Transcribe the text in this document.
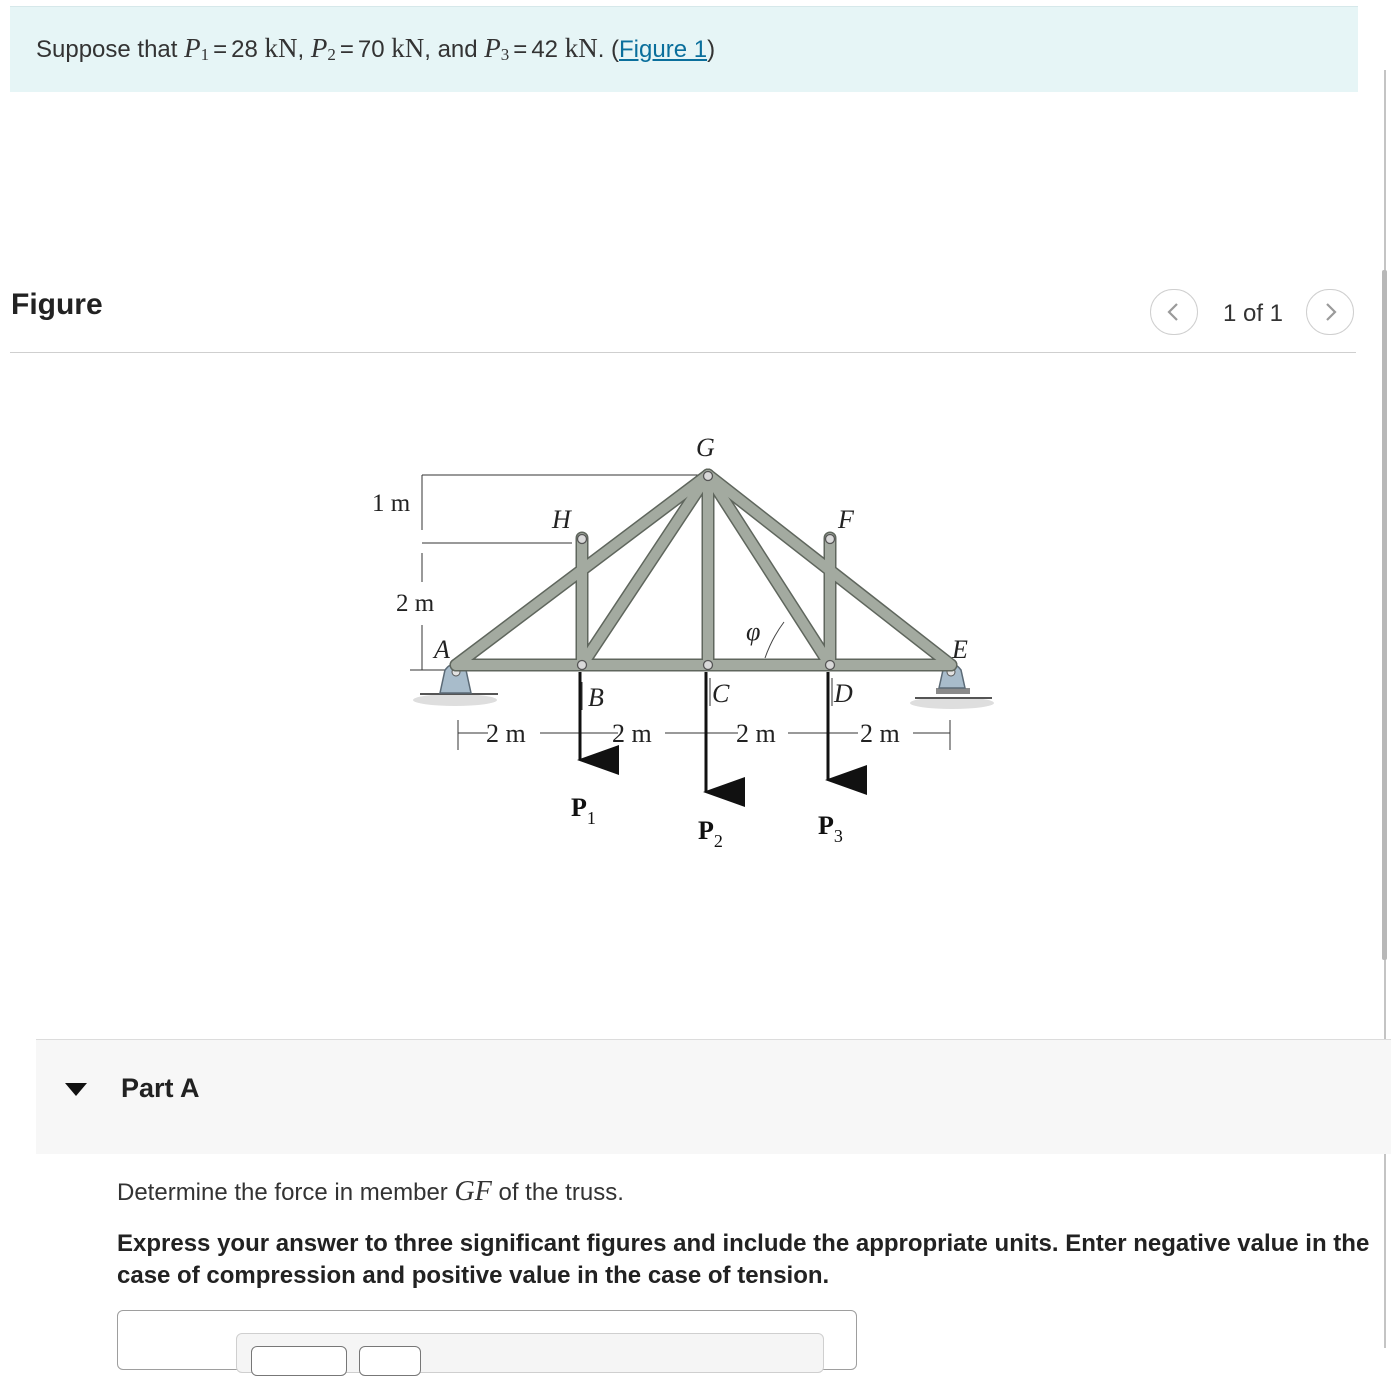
Suppose that $P_1 = 28$ kN, $P_2 = 70$ kN, and $P_3 = 42$ kN. (Figure 1)
Figure	1 of 1
1 m
2 m
G
H	F
A	E
B	C	D
φ
2 m	2 m	2 m	2 m
$P_1$	$P_2$
$P_3$
Part A
Determine the force in member GF of the truss.
Express your answer to three significant figures and include the appropriate units. Enter negative value in the case of compression and positive value in the case of tension.
